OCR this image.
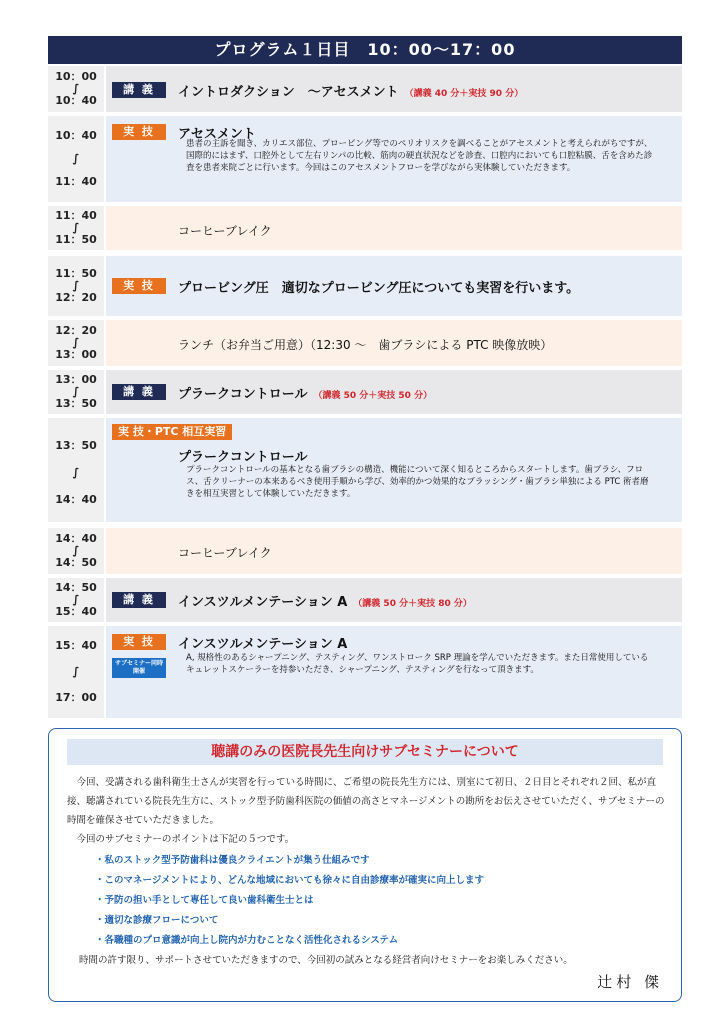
プログラム１日目　10：00〜17：00
10：00
∫
10：40
講 義	イントロダクション　〜アセスメント （講義 40 分＋実技 90 分）
10：40
∫
11：40
実 技	アセスメント
患者の主訴を聞き、カリエス部位、プロービング等でのペリオリスクを調べることがアセスメントと考えられがちですが、国際的にはまず、口腔外として左右リンパの比較、筋肉の硬直状況などを診査、口腔内においても口腔粘膜、舌を含めた診査を患者来院ごとに行います。今回はこのアセスメントフローを学びながら実体験していただきます。
11：40
∫
11：50
コーヒーブレイク
11：50
∫
12：20
実 技	プロービング圧　適切なプロービング圧についても実習を行います。
12：20
∫
13：00
ランチ（お弁当ご用意）（12:30 〜　歯ブラシによる PTC 映像放映）
13：00
∫
13：50
講 義	プラークコントロール （講義 50 分＋実技 50 分）
13：50
∫
14：40
実 技・PTC 相互実習
プラークコントロール
プラークコントロールの基本となる歯ブラシの構造、機能について深く知るところからスタートします。歯ブラシ、フロス、舌クリーナーの本来あるべき使用手順から学び、効率的かつ効果的なブラッシング・歯ブラシ単独による PTC 術者磨きを相互実習として体験していただきます。
14：40
∫
14：50
コーヒーブレイク
14：50
∫
15：40
講 義	インスツルメンテーション A （講義 50 分＋実技 80 分）
15：40
∫
17：00
実 技
サブセミナー同時開催
インスツルメンテーション A
A, 規格性のあるシャープニング、テスティング、ワンストローク SRP 理論を学んでいただきます。また日常使用しているキュレットスケーラーを持参いただき、シャープニング、テスティングを行なって頂きます。
聴講のみの医院長先生向けサブセミナーについて
　今回、受講される歯科衛生士さんが実習を行っている時間に、ご希望の院長先生方には、別室にて初日、２日目とそれぞれ２回、私が直接、聴講されている院長先生方に、ストック型予防歯科医院の価値の高さとマネージメントの勘所をお伝えさせていただく、サブセミナーの時間を確保させていただきました。
　今回のサブセミナーのポイントは下記の５つです。
・ 私のストック型予防歯科は優良クライエントが集う仕組みです
・ このマネージメントにより、どんな地域においても徐々に自由診療率が確実に向上します
・ 予防の担い手として専任して良い歯科衛生士とは
・ 適切な診療フローについて
・ 各職種のプロ意識が向上し院内が力むことなく活性化されるシステム
時間の許す限り、サポートさせていただきますので、今回初の試みとなる経営者向けセミナーをお楽しみください。
辻村 傑
